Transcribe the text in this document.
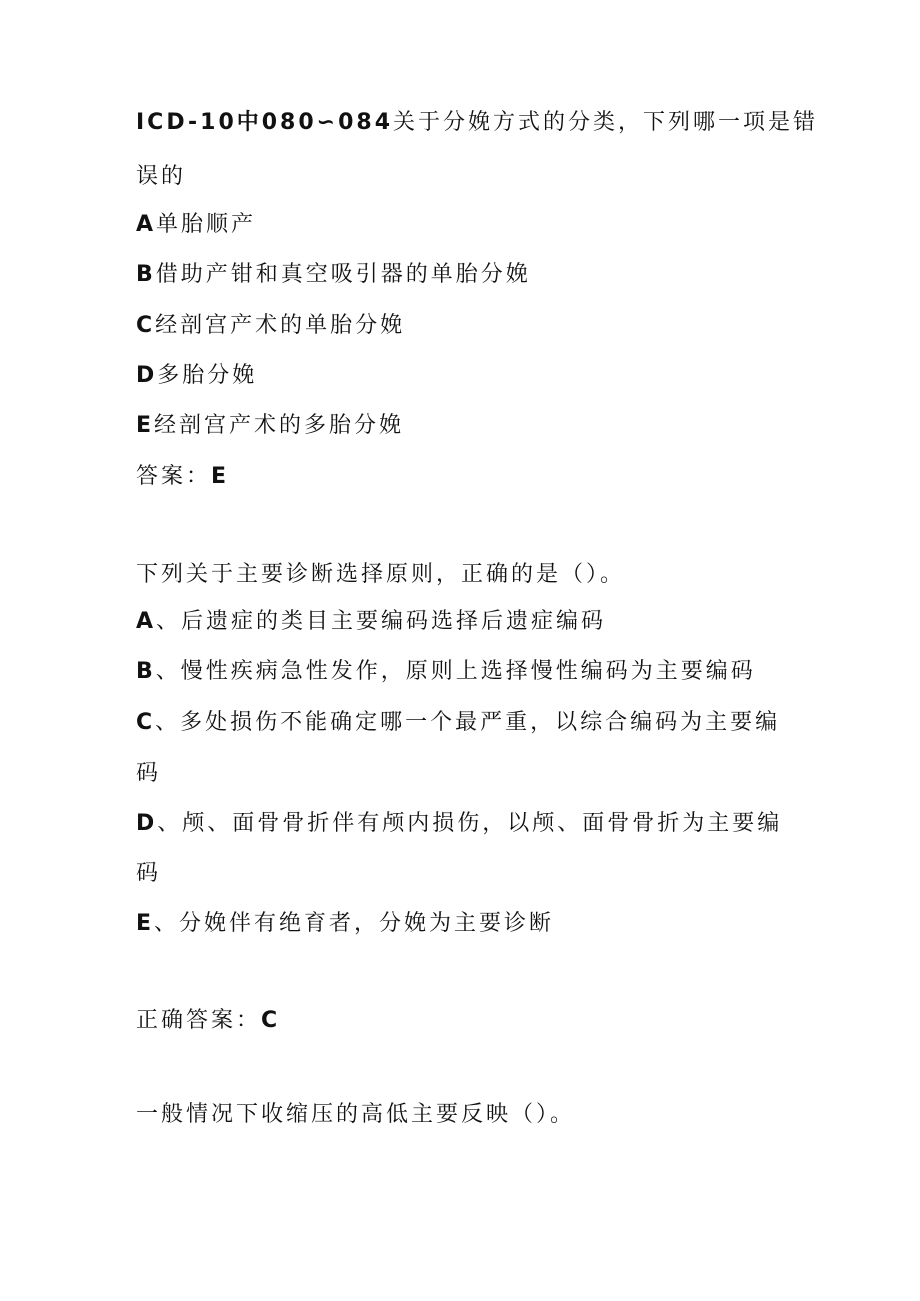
ICD-10中080∽084关于分娩方式的分类，下列哪一项是错
误的
A单胎顺产
B借助产钳和真空吸引器的单胎分娩
C经剖宫产术的单胎分娩
D多胎分娩
E经剖宫产术的多胎分娩
答案：E
下列关于主要诊断选择原则，正确的是（）。
A、后遗症的类目主要编码选择后遗症编码
B、慢性疾病急性发作，原则上选择慢性编码为主要编码
C、多处损伤不能确定哪一个最严重，以综合编码为主要编
码
D、颅、面骨骨折伴有颅内损伤，以颅、面骨骨折为主要编
码
E、分娩伴有绝育者，分娩为主要诊断
正确答案：C
一般情况下收缩压的高低主要反映（）。
